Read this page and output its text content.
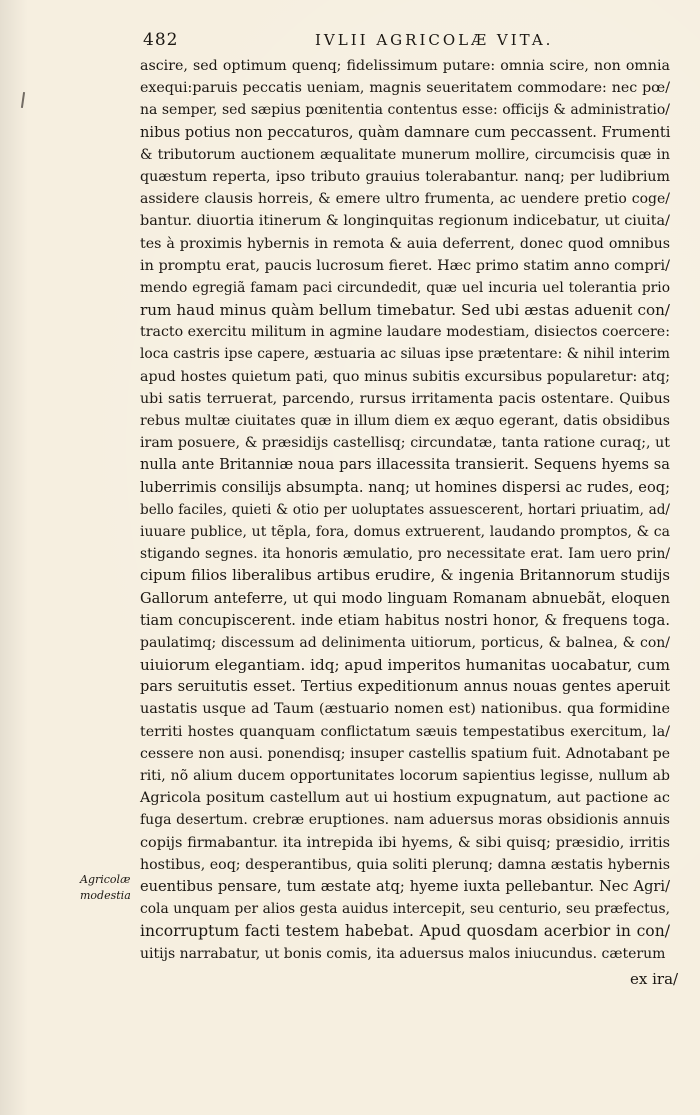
482	IVLII AGRICOLÆ VITA.
Agricolæ
modestia
ascire, sed optimum quenq; fidelissimum putare: omnia scire, non omnia
exequi:paruis peccatis ueniam, magnis seueritatem commodare: nec pœ/
na semper, sed sæpius pœnitentia contentus esse: officijs & administratio/
nibus potius non peccaturos, quàm damnare cum peccassent. Frumenti
& tributorum auctionem æqualitate munerum mollire, circumcisis quæ in
quæstum reperta, ipso tributo grauius tolerabantur. nanq; per ludibrium
assidere clausis horreis, & emere ultro frumenta, ac uendere pretio coge/
bantur. diuortia itinerum & longinquitas regionum indicebatur, ut ciuita/
tes à proximis hybernis in remota & auia deferrent, donec quod omnibus
in promptu erat, paucis lucrosum fieret. Hæc primo statim anno compri/
mendo egregiã famam paci circundedit, quæ uel incuria uel tolerantia prio
rum haud minus quàm bellum timebatur. Sed ubi æstas aduenit con/
tracto exercitu militum in agmine laudare modestiam, disiectos coercere:
loca castris ipse capere, æstuaria ac siluas ipse prætentare: & nihil interim
apud hostes quietum pati, quo minus subitis excursibus popularetur: atq;
ubi satis terruerat, parcendo, rursus irritamenta pacis ostentare. Quibus
rebus multæ ciuitates quæ in illum diem ex æquo egerant, datis obsidibus
iram posuere, & præsidijs castellisq; circundatæ, tanta ratione curaq;, ut
nulla ante Britanniæ noua pars illacessita transierit. Sequens hyems sa
luberrimis consilijs absumpta. nanq; ut homines dispersi ac rudes, eoq;
bello faciles, quieti & otio per uoluptates assuescerent, hortari priuatim, ad/
iuuare publice, ut tẽpla, fora, domus extruerent, laudando promptos, & ca
stigando segnes. ita honoris æmulatio, pro necessitate erat. Iam uero prin/
cipum filios liberalibus artibus erudire, & ingenia Britannorum studijs
Gallorum anteferre, ut qui modo linguam Romanam abnuebãt, eloquen
tiam concupiscerent. inde etiam habitus nostri honor, & frequens toga.
paulatimq; discessum ad delinimenta uitiorum, porticus, & balnea, & con/
uiuiorum elegantiam. idq; apud imperitos humanitas uocabatur, cum
pars seruitutis esset. Tertius expeditionum annus nouas gentes aperuit
uastatis usque ad Taum (æstuario nomen est) nationibus. qua formidine
territi hostes quanquam conflictatum sæuis tempestatibus exercitum, la/
cessere non ausi. ponendisq; insuper castellis spatium fuit. Adnotabant pe
riti, nõ alium ducem opportunitates locorum sapientius legisse, nullum ab
Agricola positum castellum aut ui hostium expugnatum, aut pactione ac
fuga desertum. crebræ eruptiones. nam aduersus moras obsidionis annuis
copijs firmabantur. ita intrepida ibi hyems, & sibi quisq; præsidio, irritis
hostibus, eoq; desperantibus, quia soliti plerunq; damna æstatis hybernis
euentibus pensare, tum æstate atq; hyeme iuxta pellebantur. Nec Agri/
cola unquam per alios gesta auidus intercepit, seu centurio, seu præfectus,
incorruptum facti testem habebat. Apud quosdam acerbior in con/
uitijs narrabatur, ut bonis comis, ita aduersus malos iniucundus. cæterum
ex ira/
